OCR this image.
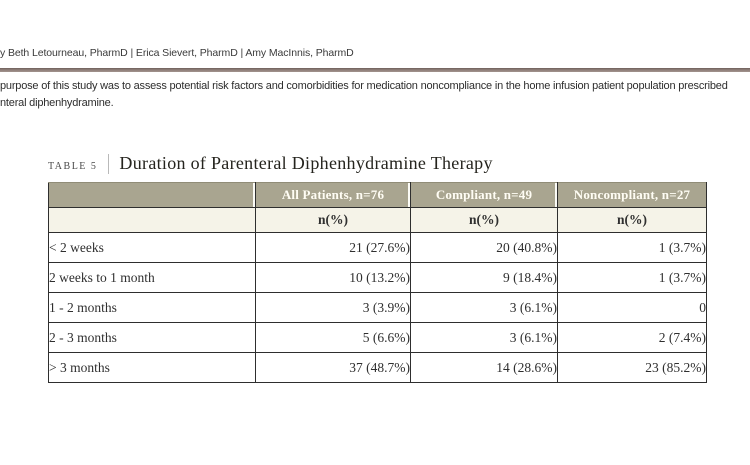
y Beth Letourneau, PharmD | Erica Sievert, PharmD | Amy MacInnis, PharmD
purpose of this study was to assess potential risk factors and comorbidities for medication noncompliance in the home infusion patient population prescribed
nteral diphenhydramine.
TABLE 5 Duration of Parenteral Diphenhydramine Therapy
	All Patients, n=76	Compliant, n=49	Noncompliant, n=27
	n(%)	n(%)	n(%)
< 2 weeks	21 (27.6%)	20 (40.8%)	1 (3.7%)
2 weeks to 1 month	10 (13.2%)	9 (18.4%)	1 (3.7%)
1 - 2 months	3 (3.9%)	3 (6.1%)	0
2 - 3 months	5 (6.6%)	3 (6.1%)	2 (7.4%)
> 3 months	37 (48.7%)	14 (28.6%)	23 (85.2%)
